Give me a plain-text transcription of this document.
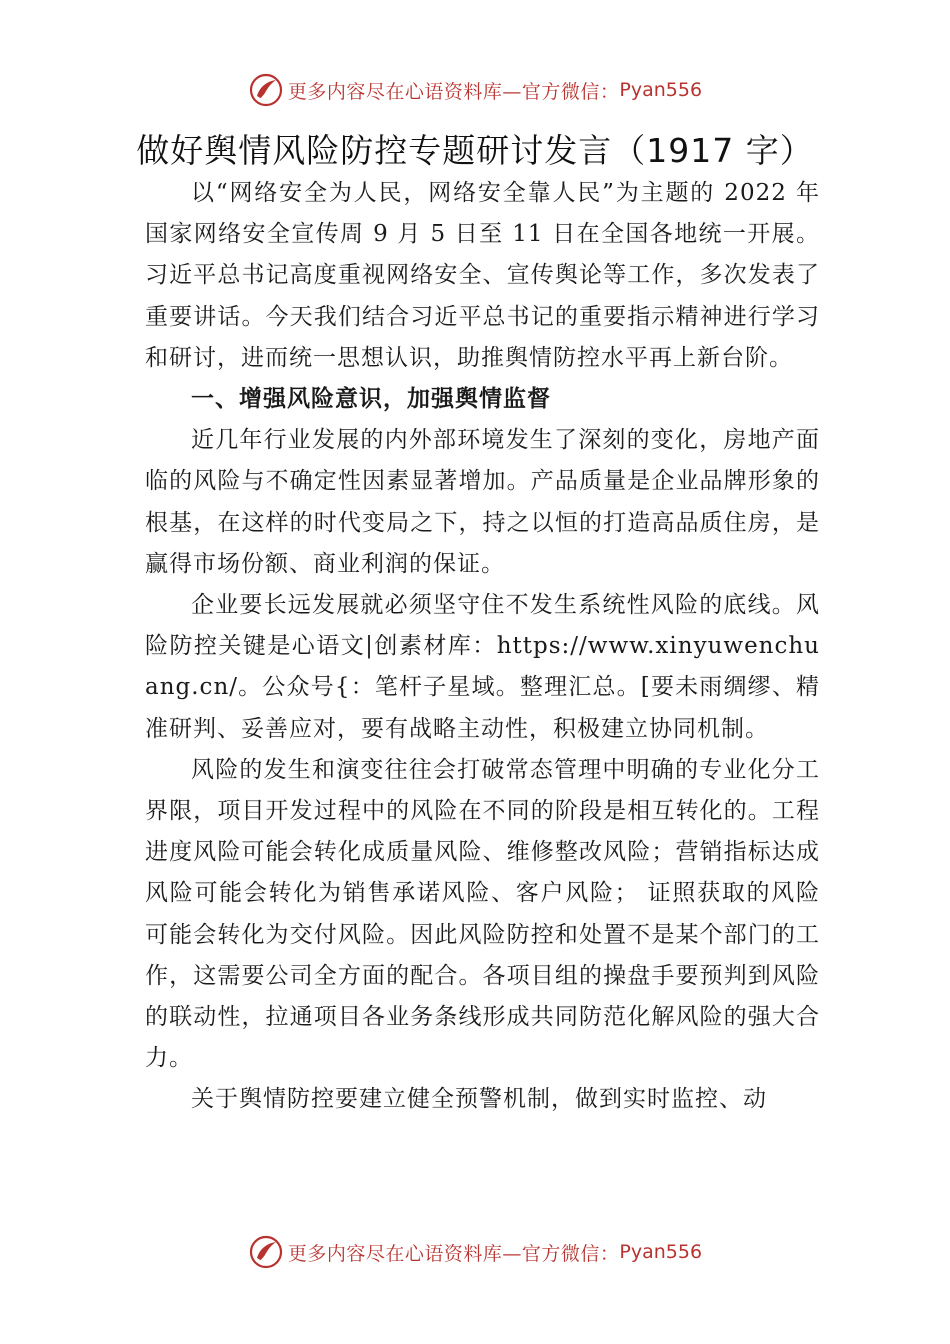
更多内容尽在心语资料库—官方微信： Pyan556
做好舆情风险防控专题研讨发言（1917 字）

以“网络安全为人民，网络安全靠人民”为主题的 2022 年国家网络安全宣传周 9 月 5 日至 11 日在全国各地统一开展。习近平总书记高度重视网络安全、宣传舆论等工作，多次发表了重要讲话。今天我们结合习近平总书记的重要指示精神进行学习和研讨，进而统一思想认识，助推舆情防控水平再上新台阶。

一、增强风险意识，加强舆情监督

近几年行业发展的内外部环境发生了深刻的变化，房地产面临的风险与不确定性因素显著增加。产品质量是企业品牌形象的根基，在这样的时代变局之下，持之以恒的打造高品质住房，是赢得市场份额、商业利润的保证。

企业要长远发展就必须坚守住不发生系统性风险的底线。风险防控关键是心语文|创素材库：https://www.xinyuwenchuang.cn/。公众号{：笔杆子星域。整理汇总。[要未雨绸缪、精准研判、妥善应对，要有战略主动性，积极建立协同机制。

风险的发生和演变往往会打破常态管理中明确的专业化分工界限，项目开发过程中的风险在不同的阶段是相互转化的。工程进度风险可能会转化成质量风险、维修整改风险；营销指标达成风险可能会转化为销售承诺风险、客户风险； 证照获取的风险可能会转化为交付风险。因此风险防控和处置不是某个部门的工作，这需要公司全方面的配合。各项目组的操盘手要预判到风险的联动性，拉通项目各业务条线形成共同防范化解风险的强大合力。

关于舆情防控要建立健全预警机制，做到实时监控、动

更多内容尽在心语资料库—官方微信： Pyan556
